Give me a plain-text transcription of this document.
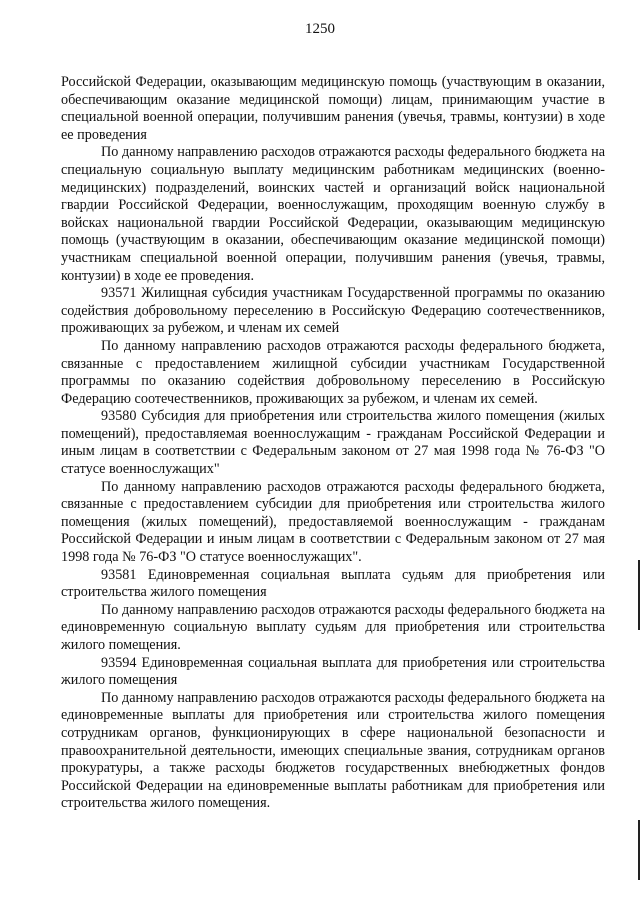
1250

Российской Федерации, оказывающим медицинскую помощь (участвующим в оказании, обеспечивающим оказание медицинской помощи) лицам, принимающим участие в специальной военной операции, получившим ранения (увечья, травмы, контузии) в ходе ее проведения

По данному направлению расходов отражаются расходы федерального бюджета на специальную социальную выплату медицинским работникам медицинских (военно-медицинских) подразделений, воинских частей и организаций войск национальной гвардии Российской Федерации, военнослужащим, проходящим военную службу в войсках национальной гвардии Российской Федерации, оказывающим медицинскую помощь (участвующим в оказании, обеспечивающим оказание медицинской помощи) участникам специальной военной операции, получившим ранения (увечья, травмы, контузии) в ходе ее проведения.

93571 Жилищная субсидия участникам Государственной программы по оказанию содействия добровольному переселению в Российскую Федерацию соотечественников, проживающих за рубежом, и членам их семей

По данному направлению расходов отражаются расходы федерального бюджета, связанные с предоставлением жилищной субсидии участникам Государственной программы по оказанию содействия добровольному переселению в Российскую Федерацию соотечественников, проживающих за рубежом, и членам их семей.

93580 Субсидия для приобретения или строительства жилого помещения (жилых помещений), предоставляемая военнослужащим - гражданам Российской Федерации и иным лицам в соответствии с Федеральным законом от 27 мая 1998 года № 76-ФЗ "О статусе военнослужащих"

По данному направлению расходов отражаются расходы федерального бюджета, связанные с предоставлением субсидии для приобретения или строительства жилого помещения (жилых помещений), предоставляемой военнослужащим - гражданам Российской Федерации и иным лицам в соответствии с Федеральным законом от 27 мая 1998 года № 76-ФЗ "О статусе военнослужащих".

93581 Единовременная социальная выплата судьям для приобретения или строительства жилого помещения

По данному направлению расходов отражаются расходы федерального бюджета на единовременную социальную выплату судьям для приобретения или строительства жилого помещения.

93594 Единовременная социальная выплата для приобретения или строительства жилого помещения

По данному направлению расходов отражаются расходы федерального бюджета на единовременные выплаты для приобретения или строительства жилого помещения сотрудникам органов, функционирующих в сфере национальной безопасности и правоохранительной деятельности, имеющих специальные звания, сотрудникам органов прокуратуры, а также расходы бюджетов государственных внебюджетных фондов Российской Федерации на единовременные выплаты работникам для приобретения или строительства жилого помещения.
